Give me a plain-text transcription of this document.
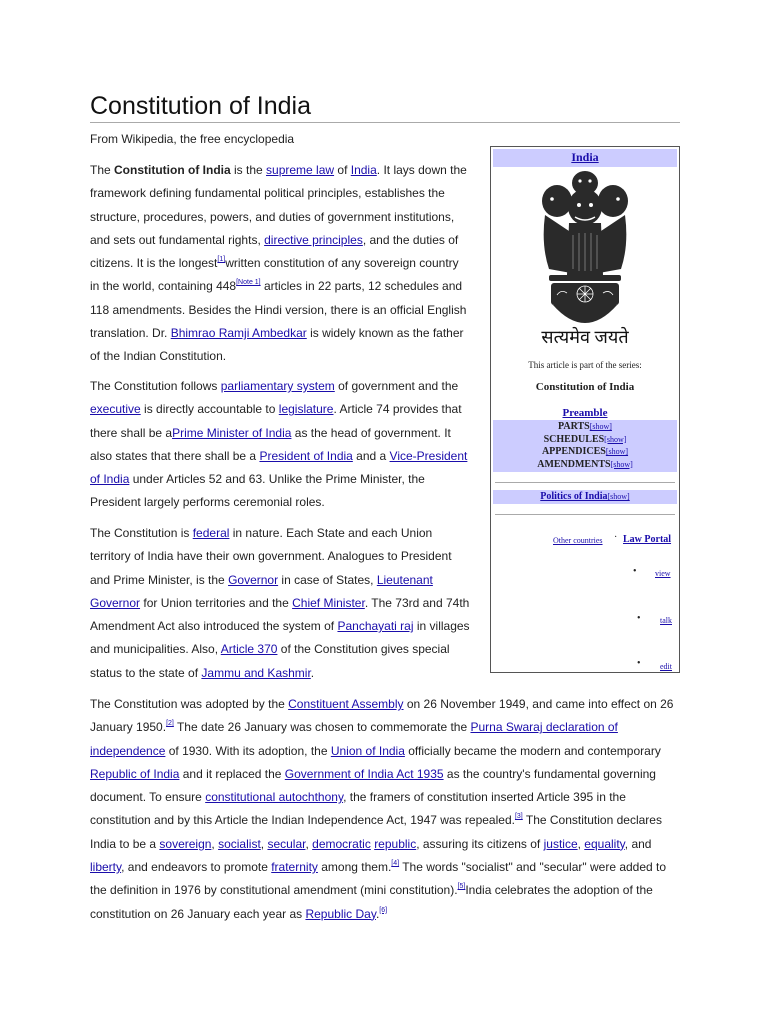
Constitution of India
From Wikipedia, the free encyclopedia

The Constitution of India is the supreme law of India. It lays down the framework defining fundamental political principles, establishes the structure, procedures, powers, and duties of government institutions, and sets out fundamental rights, directive principles, and the duties of citizens. It is the longest[1]written constitution of any sovereign country in the world, containing 448[Note 1] articles in 22 parts, 12 schedules and 118 amendments. Besides the Hindi version, there is an official English translation. Dr. Bhimrao Ramji Ambedkar is widely known as the father of the Indian Constitution.

The Constitution follows parliamentary system of government and the executive is directly accountable to legislature. Article 74 provides that there shall be aPrime Minister of India as the head of government. It also states that there shall be a President of India and a Vice-President of India under Articles 52 and 63. Unlike the Prime Minister, the President largely performs ceremonial roles.

The Constitution is federal in nature. Each State and each Union territory of India have their own government. Analogues to President and Prime Minister, is the Governor in case of States, Lieutenant Governor for Union territories and the Chief Minister. The 73rd and 74th Amendment Act also introduced the system of Panchayati raj in villages and municipalities. Also, Article 370 of the Constitution gives special status to the state of Jammu and Kashmir.

The Constitution was adopted by the Constituent Assembly on 26 November 1949, and came into effect on 26 January 1950.[2] The date 26 January was chosen to commemorate the Purna Swaraj declaration of independence of 1930. With its adoption, the Union of India officially became the modern and contemporary Republic of India and it replaced the Government of India Act 1935 as the country's fundamental governing document. To ensure constitutional autochthony, the framers of constitution inserted Article 395 in the constitution and by this Article the Indian Independence Act, 1947 was repealed.[3] The Constitution declares India to be a sovereign, socialist, secular, democratic republic, assuring its citizens of justice, equality, and liberty, and endeavors to promote fraternity among them.[4] The words "socialist" and "secular" were added to the definition in 1976 by constitutional amendment (mini constitution).[5]India celebrates the adoption of the constitution on 26 January each year as Republic Day.[6]

India
सत्यमेव जयते
This article is part of the series:
Constitution of India
Preamble
PARTS[show]
SCHEDULES[show]
APPENDICES[show]
AMENDMENTS[show]
Politics of India[show]
Other countries · Law Portal
• view
• talk
• edit
